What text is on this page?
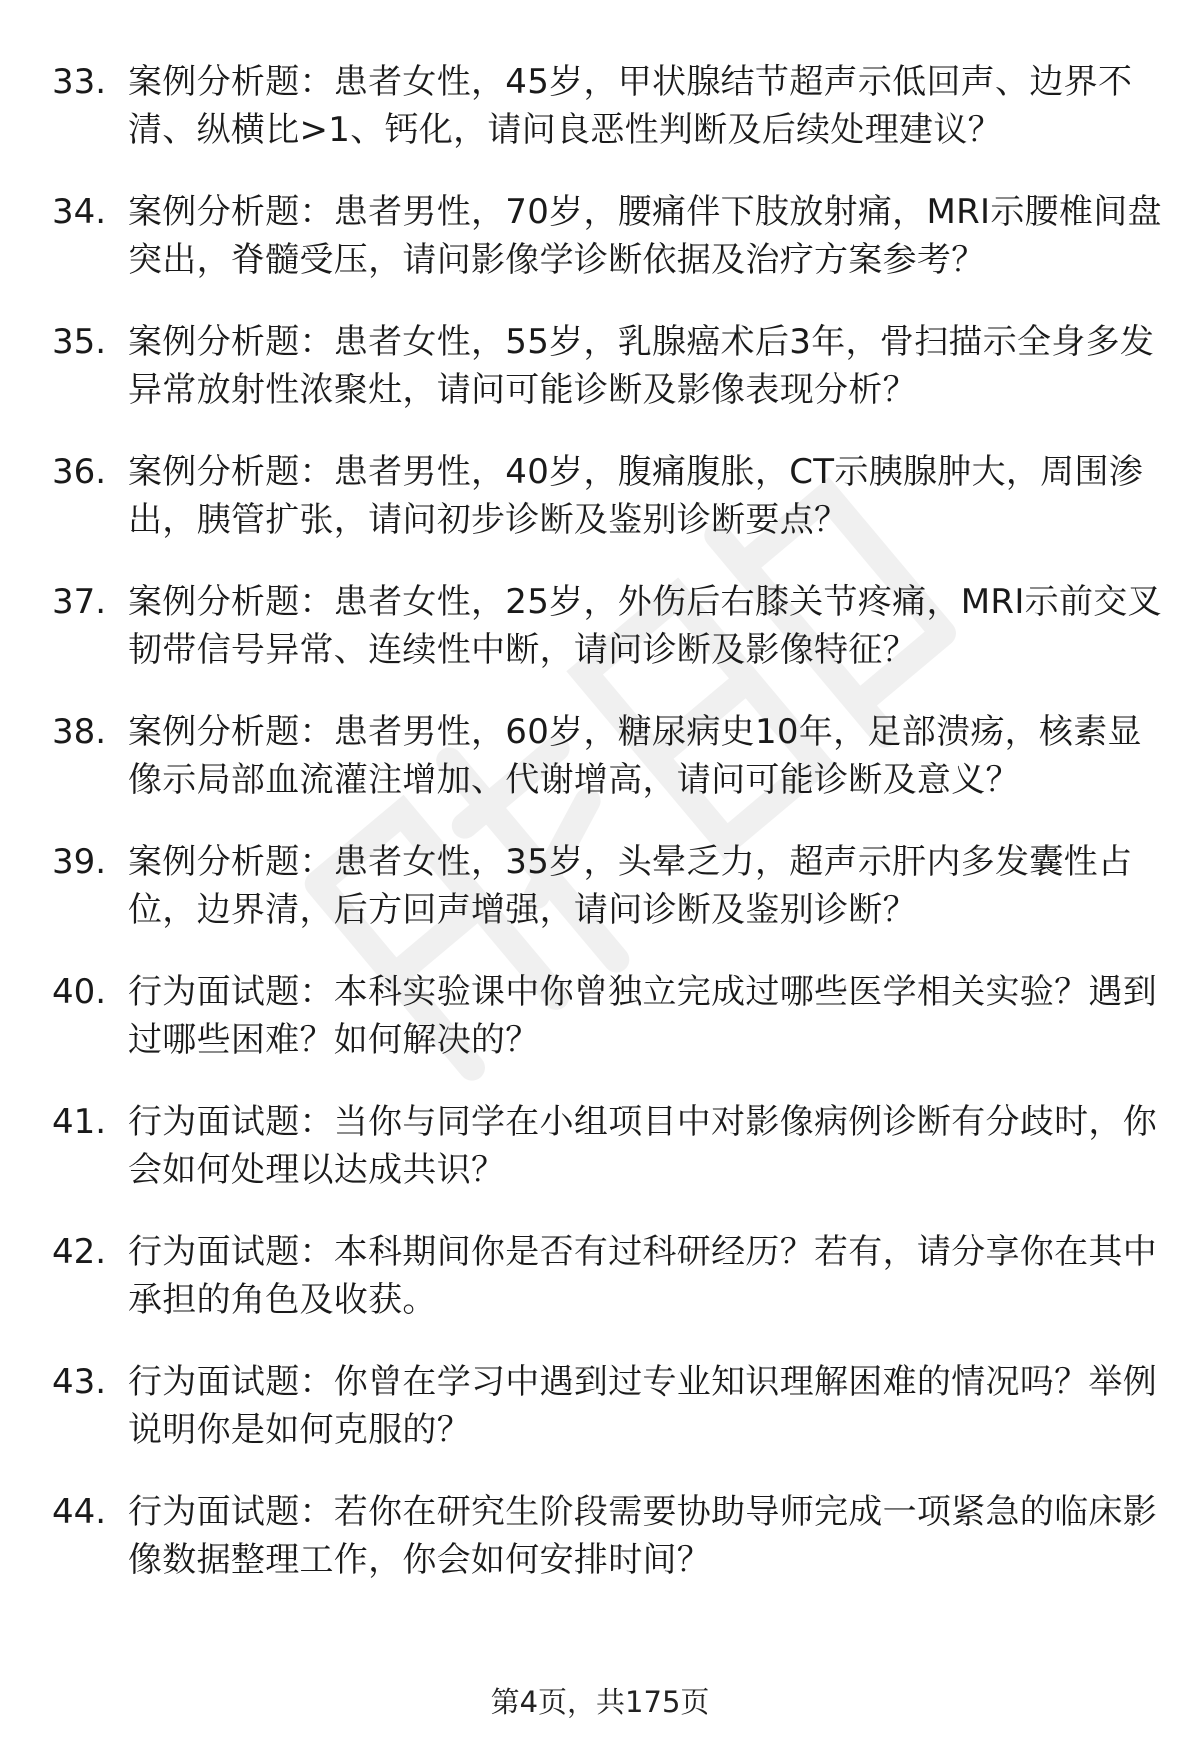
33. 案例分析题：患者女性，45岁，甲状腺结节超声示低回声、边界不清、纵横比>1、钙化，请问良恶性判断及后续处理建议？
34. 案例分析题：患者男性，70岁，腰痛伴下肢放射痛，MRI示腰椎间盘突出，脊髓受压，请问影像学诊断依据及治疗方案参考？
35. 案例分析题：患者女性，55岁，乳腺癌术后3年，骨扫描示全身多发异常放射性浓聚灶，请问可能诊断及影像表现分析？
36. 案例分析题：患者男性，40岁，腹痛腹胀，CT示胰腺肿大，周围渗出，胰管扩张，请问初步诊断及鉴别诊断要点？
37. 案例分析题：患者女性，25岁，外伤后右膝关节疼痛，MRI示前交叉韧带信号异常、连续性中断，请问诊断及影像特征？
38. 案例分析题：患者男性，60岁，糖尿病史10年，足部溃疡，核素显像示局部血流灌注增加、代谢增高，请问可能诊断及意义？
39. 案例分析题：患者女性，35岁，头晕乏力，超声示肝内多发囊性占位，边界清，后方回声增强，请问诊断及鉴别诊断？
40. 行为面试题：本科实验课中你曾独立完成过哪些医学相关实验？遇到过哪些困难？如何解决的？
41. 行为面试题：当你与同学在小组项目中对影像病例诊断有分歧时，你会如何处理以达成共识？
42. 行为面试题：本科期间你是否有过科研经历？若有，请分享你在其中承担的角色及收获。
43. 行为面试题：你曾在学习中遇到过专业知识理解困难的情况吗？举例说明你是如何克服的？
44. 行为面试题：若你在研究生阶段需要协助导师完成一项紧急的临床影像数据整理工作，你会如何安排时间？
第4页，共175页
